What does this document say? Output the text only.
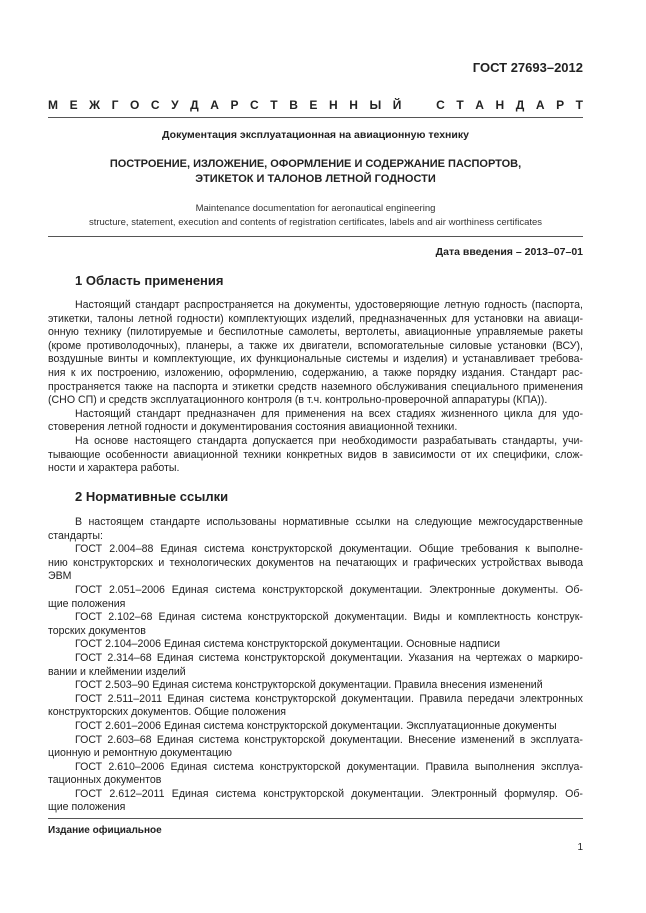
ГОСТ 27693–2012
М Е Ж Г О С У Д А Р С Т В Е Н Н Ы Й	С Т А Н Д А Р Т
Документация эксплуатационная на авиационную технику
ПОСТРОЕНИЕ, ИЗЛОЖЕНИЕ, ОФОРМЛЕНИЕ И СОДЕРЖАНИЕ ПАСПОРТОВ,
ЭТИКЕТОК И ТАЛОНОВ ЛЕТНОЙ ГОДНОСТИ
Maintenance documentation for aeronautical engineering
structure, statement, execution and contents of registration certificates, labels and air worthiness certificates
Дата введения – 2013–07–01
1 Область применения
Настоящий стандарт распространяется на документы, удостоверяющие летную годность (паспорта,
этикетки, талоны летной годности) комплектующих изделий, предназначенных для установки на авиаци-
онную технику (пилотируемые и беспилотные самолеты, вертолеты, авиационные управляемые ракеты
(кроме противолодочных), планеры, а также их двигатели, вспомогательные силовые установки (ВСУ),
воздушные винты и комплектующие, их функциональные системы и изделия) и устанавливает требова-
ния к их построению, изложению, оформлению, содержанию, а также порядку издания. Стандарт рас-
пространяется также на паспорта и этикетки средств наземного обслуживания специального применения
(СНО СП) и средств эксплуатационного контроля (в т.ч. контрольно-проверочной аппаратуры (КПА)).
Настоящий стандарт предназначен для применения на всех стадиях жизненного цикла для удо-
стоверения летной годности и документирования состояния авиационной техники.
На основе настоящего стандарта допускается при необходимости разрабатывать стандарты, учи-
тывающие особенности авиационной техники конкретных видов в зависимости от их специфики, слож-
ности и характера работы.
2 Нормативные ссылки
В настоящем стандарте использованы нормативные ссылки на следующие межгосударственные
стандарты:
ГОСТ 2.004–88 Единая система конструкторской документации. Общие требования к выполне-
нию конструкторских и технологических документов на печатающих и графических устройствах вывода
ЭВМ
ГОСТ 2.051–2006 Единая система конструкторской документации. Электронные документы. Об-
щие положения
ГОСТ 2.102–68 Единая система конструкторской документации. Виды и комплектность конструк-
торских документов
ГОСТ 2.104–2006 Единая система конструкторской документации. Основные надписи
ГОСТ 2.314–68 Единая система конструкторской документации. Указания на чертежах о маркиро-
вании и клеймении изделий
ГОСТ 2.503–90 Единая система конструкторской документации. Правила внесения изменений
ГОСТ 2.511–2011 Единая система конструкторской документации. Правила передачи электронных
конструкторских документов. Общие положения
ГОСТ 2.601–2006 Единая система конструкторской документации. Эксплуатационные документы
ГОСТ 2.603–68 Единая система конструкторской документации. Внесение изменений в эксплуата-
ционную и ремонтную документацию
ГОСТ 2.610–2006 Единая система конструкторской документации. Правила выполнения эксплуа-
тационных документов
ГОСТ 2.612–2011 Единая система конструкторской документации. Электронный формуляр. Об-
щие положения
Издание официальное
1
